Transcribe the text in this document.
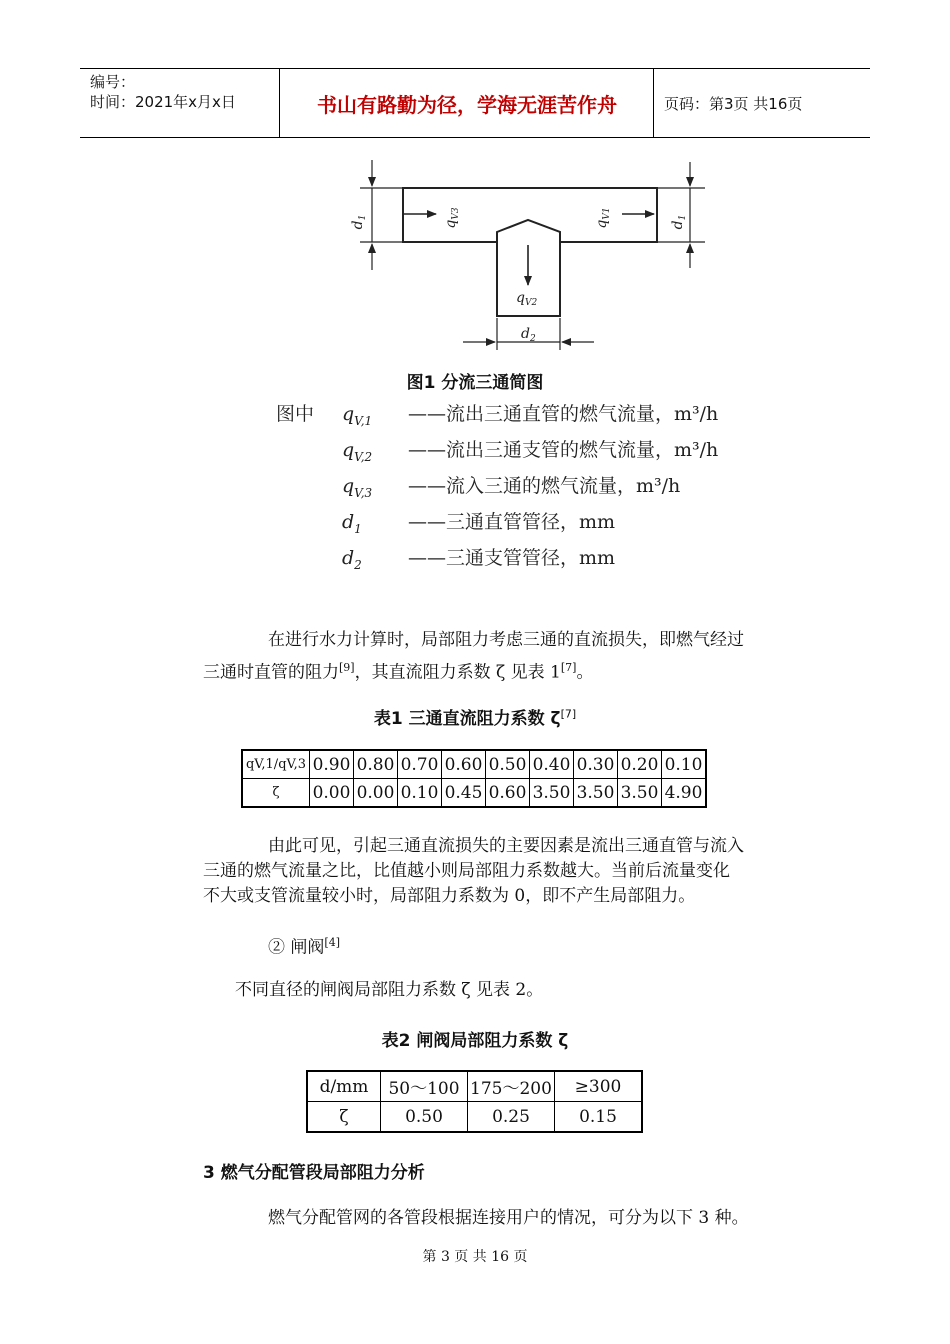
编号：
时间：2021年x月x日	书山有路勤为径，学海无涯苦作舟	页码：第3页 共16页
$d_1$
$q_{V3}$
$q_{V1}$
$d_1$
$q_{V2}$
$d_2$
图1 分流三通简图
图中 $q_{V,1}$ ——流出三通直管的燃气流量，m³/h
$q_{V,2}$ ——流出三通支管的燃气流量，m³/h
$q_{V,3}$ ——流入三通的燃气流量，m³/h
$d_1$ ——三通直管管径，mm
$d_2$ ——三通支管管径，mm
在进行水力计算时，局部阻力考虑三通的直流损失，即燃气经过
三通时直管的阻力[9]，其直流阻力系数 ζ 见表 1[7]。
表1 三通直流阻力系数 ζ[7]
qV,1/qV,3	0.90	0.80	0.70	0.60	0.50	0.40	0.30	0.20	0.10
ζ	0.00	0.00	0.10	0.45	0.60	3.50	3.50	3.50	4.90
由此可见，引起三通直流损失的主要因素是流出三通直管与流入
三通的燃气流量之比，比值越小则局部阻力系数越大。当前后流量变化
不大或支管流量较小时，局部阻力系数为 0，即不产生局部阻力。
② 闸阀[4]
不同直径的闸阀局部阻力系数 ζ 见表 2。
表2 闸阀局部阻力系数 ζ
d/mm	50～100	175～200	≥300
ζ	0.50	0.25	0.15
3 燃气分配管段局部阻力分析
燃气分配管网的各管段根据连接用户的情况，可分为以下 3 种。
第 3 页 共 16 页
